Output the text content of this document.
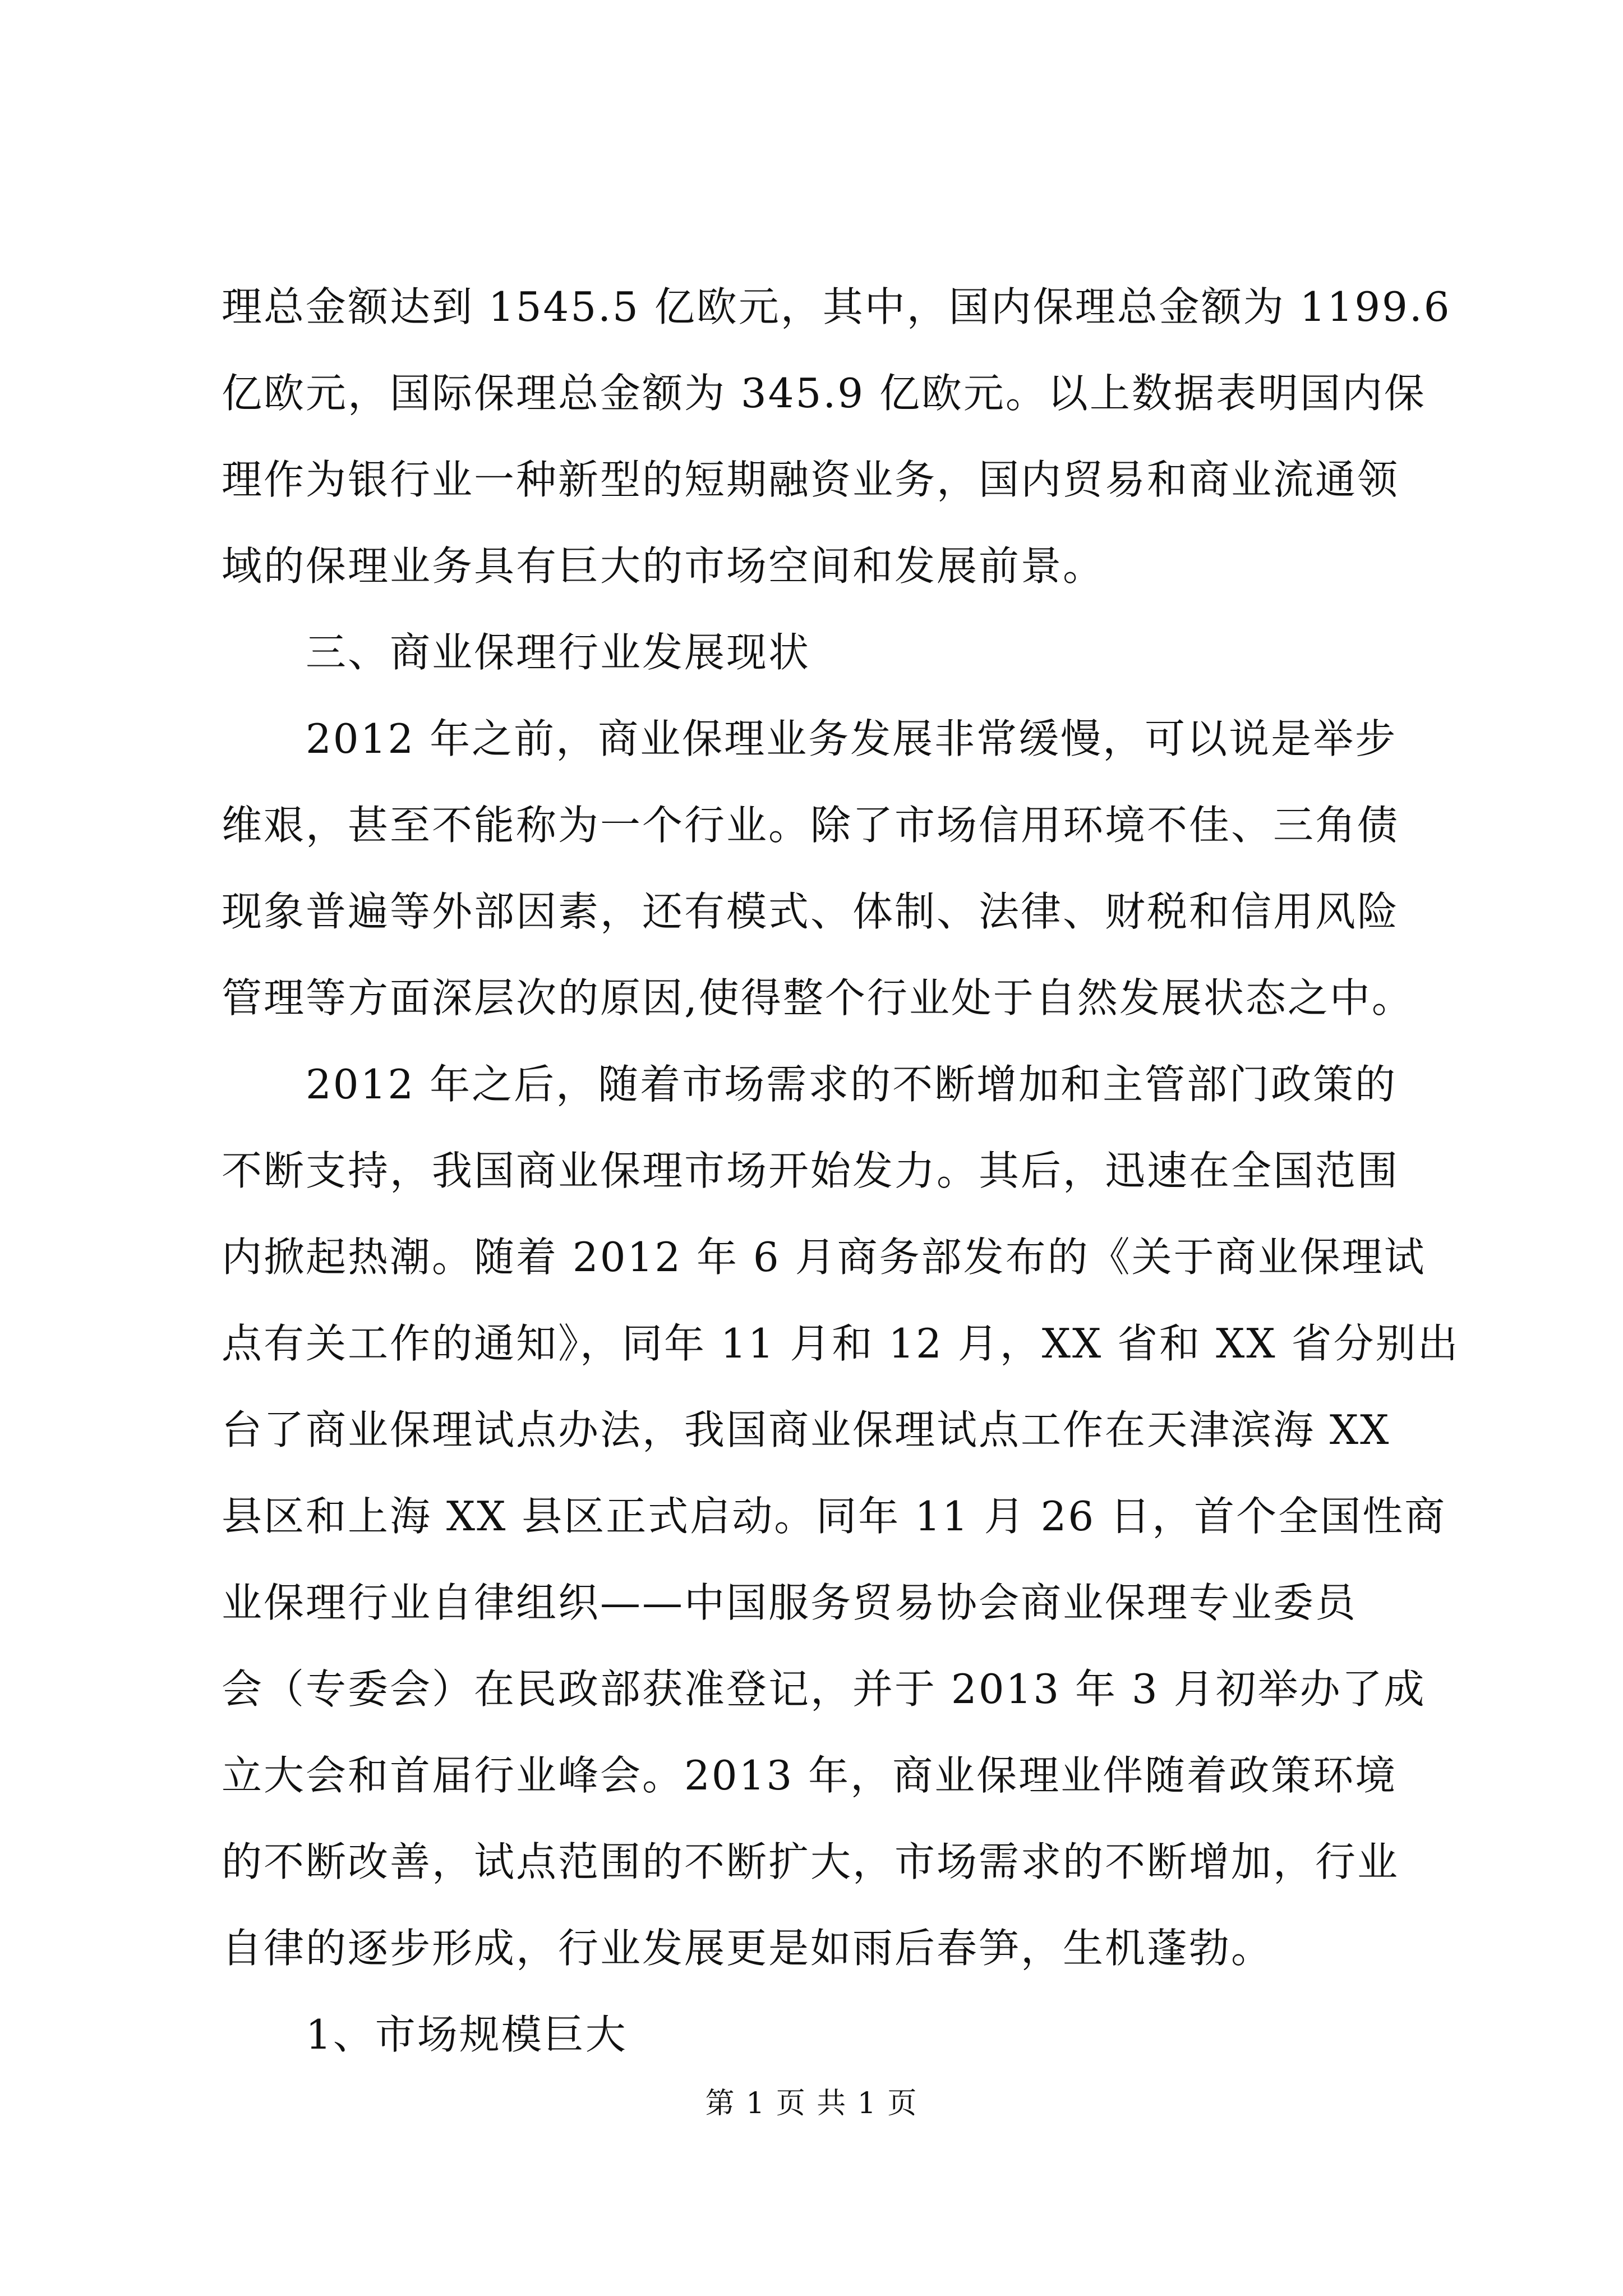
理总金额达到 1545.5 亿欧元，其中，国内保理总金额为 1199.6
亿欧元，国际保理总金额为 345.9 亿欧元。以上数据表明国内保
理作为银行业一种新型的短期融资业务，国内贸易和商业流通领
域的保理业务具有巨大的市场空间和发展前景。
三、商业保理行业发展现状
2012 年之前，商业保理业务发展非常缓慢，可以说是举步
维艰，甚至不能称为一个行业。除了市场信用环境不佳、三角债
现象普遍等外部因素，还有模式、体制、法律、财税和信用风险
管理等方面深层次的原因,使得整个行业处于自然发展状态之中。
2012 年之后，随着市场需求的不断增加和主管部门政策的
不断支持，我国商业保理市场开始发力。其后，迅速在全国范围
内掀起热潮。随着 2012 年 6 月商务部发布的《关于商业保理试
点有关工作的通知》，同年 11 月和 12 月，XX 省和 XX 省分别出
台了商业保理试点办法，我国商业保理试点工作在天津滨海 XX
县区和上海 XX 县区正式启动。同年 11 月 26 日，首个全国性商
业保理行业自律组织——中国服务贸易协会商业保理专业委员
会（专委会）在民政部获准登记，并于 2013 年 3 月初举办了成
立大会和首届行业峰会。2013 年，商业保理业伴随着政策环境
的不断改善，试点范围的不断扩大，市场需求的不断增加，行业
自律的逐步形成，行业发展更是如雨后春笋，生机蓬勃。
1、市场规模巨大
第 1 页 共 1 页
